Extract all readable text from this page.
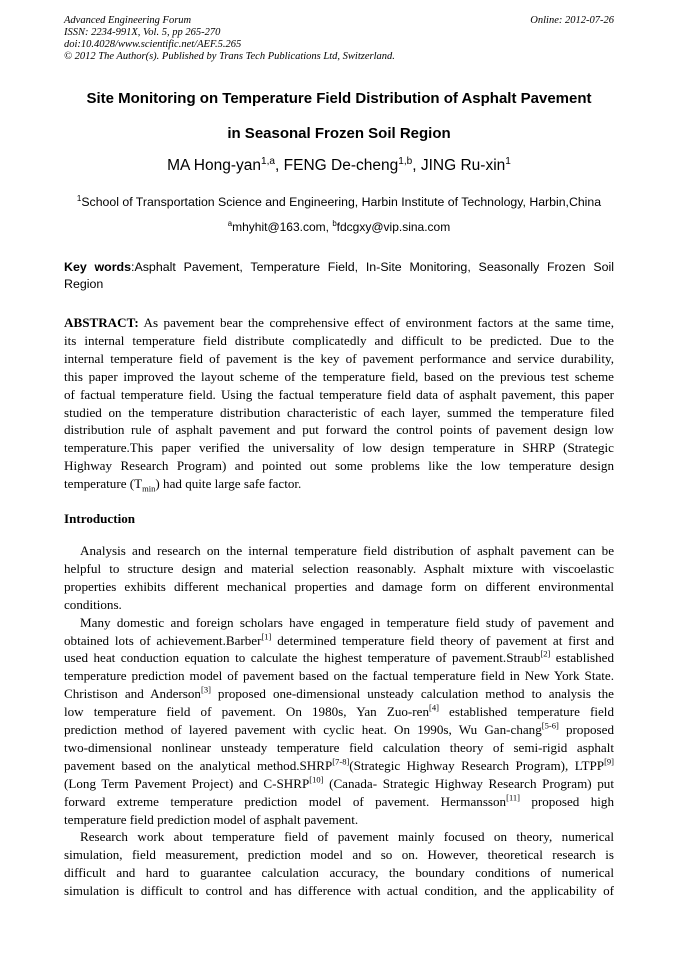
Advanced Engineering Forum
ISSN: 2234-991X, Vol. 5, pp 265-270
doi:10.4028/www.scientific.net/AEF.5.265
© 2012 The Author(s). Published by Trans Tech Publications Ltd, Switzerland.
Online: 2012-07-26
Site Monitoring on Temperature Field Distribution of Asphalt Pavement
in Seasonal Frozen Soil Region
MA Hong-yan$^{1,a}$, FENG De-cheng$^{1,b}$, JING Ru-xin$^1$
$^1$School of Transportation Science and Engineering, Harbin Institute of Technology, Harbin,China
$^a$mhyhit@163.com, $^b$fdcgxy@vip.sina.com
Key words:Asphalt Pavement, Temperature Field, In-Site Monitoring, Seasonally Frozen Soil Region
ABSTRACT: As pavement bear the comprehensive effect of environment factors at the same time,
its internal temperature field distribute complicatedly and difficult to be predicted. Due to the
internal temperature field of pavement is the key of pavement performance and service durability,
this paper improved the layout scheme of the temperature field, based on the previous test scheme
of factual temperature field. Using the factual temperature field data of asphalt pavement, this paper
studied on the temperature distribution characteristic of each layer, summed the temperature filed
distribution rule of asphalt pavement and put forward the control points of pavement design low
temperature.This paper verified the universality of low design temperature in SHRP (Strategic
Highway Research Program) and pointed out some problems like the low temperature design
temperature $(T_{min})$ had quite large safe factor.
Introduction
Analysis and research on the internal temperature field distribution of asphalt pavement can be
helpful to structure design and material selection reasonably. Asphalt mixture with viscoelastic
properties exhibits different mechanical properties and damage form on different environmental
conditions.
Many domestic and foreign scholars have engaged in temperature field study of pavement and
obtained lots of achievement.Barber[1] determined temperature field theory of pavement at first and
used heat conduction equation to calculate the highest temperature of pavement.Straub[2] established
temperature prediction model of pavement based on the factual temperature field in New York State.
Christison and Anderson[3] proposed one-dimensional unsteady calculation method to analysis the
low temperature field of pavement. On 1980s, Yan Zuo-ren[4] established temperature field
prediction method of layered pavement with cyclic heat. On 1990s, Wu Gan-chang[5-6] proposed
two-dimensional nonlinear unsteady temperature field calculation theory of semi-rigid asphalt
pavement based on the analytical method.SHRP[7-8](Strategic Highway Research Program), LTPP[9]
(Long Term Pavement Project) and C-SHRP[10] (Canada- Strategic Highway Research Program) put
forward extreme temperature prediction model of pavement. Hermansson[11] proposed high
temperature field prediction model of asphalt pavement.
Research work about temperature field of pavement mainly focused on theory, numerical
simulation, field measurement, prediction model and so on. However, theoretical research is
difficult and hard to guarantee calculation accuracy, the boundary conditions of numerical
simulation is difficult to control and has difference with actual condition, and the applicability of
